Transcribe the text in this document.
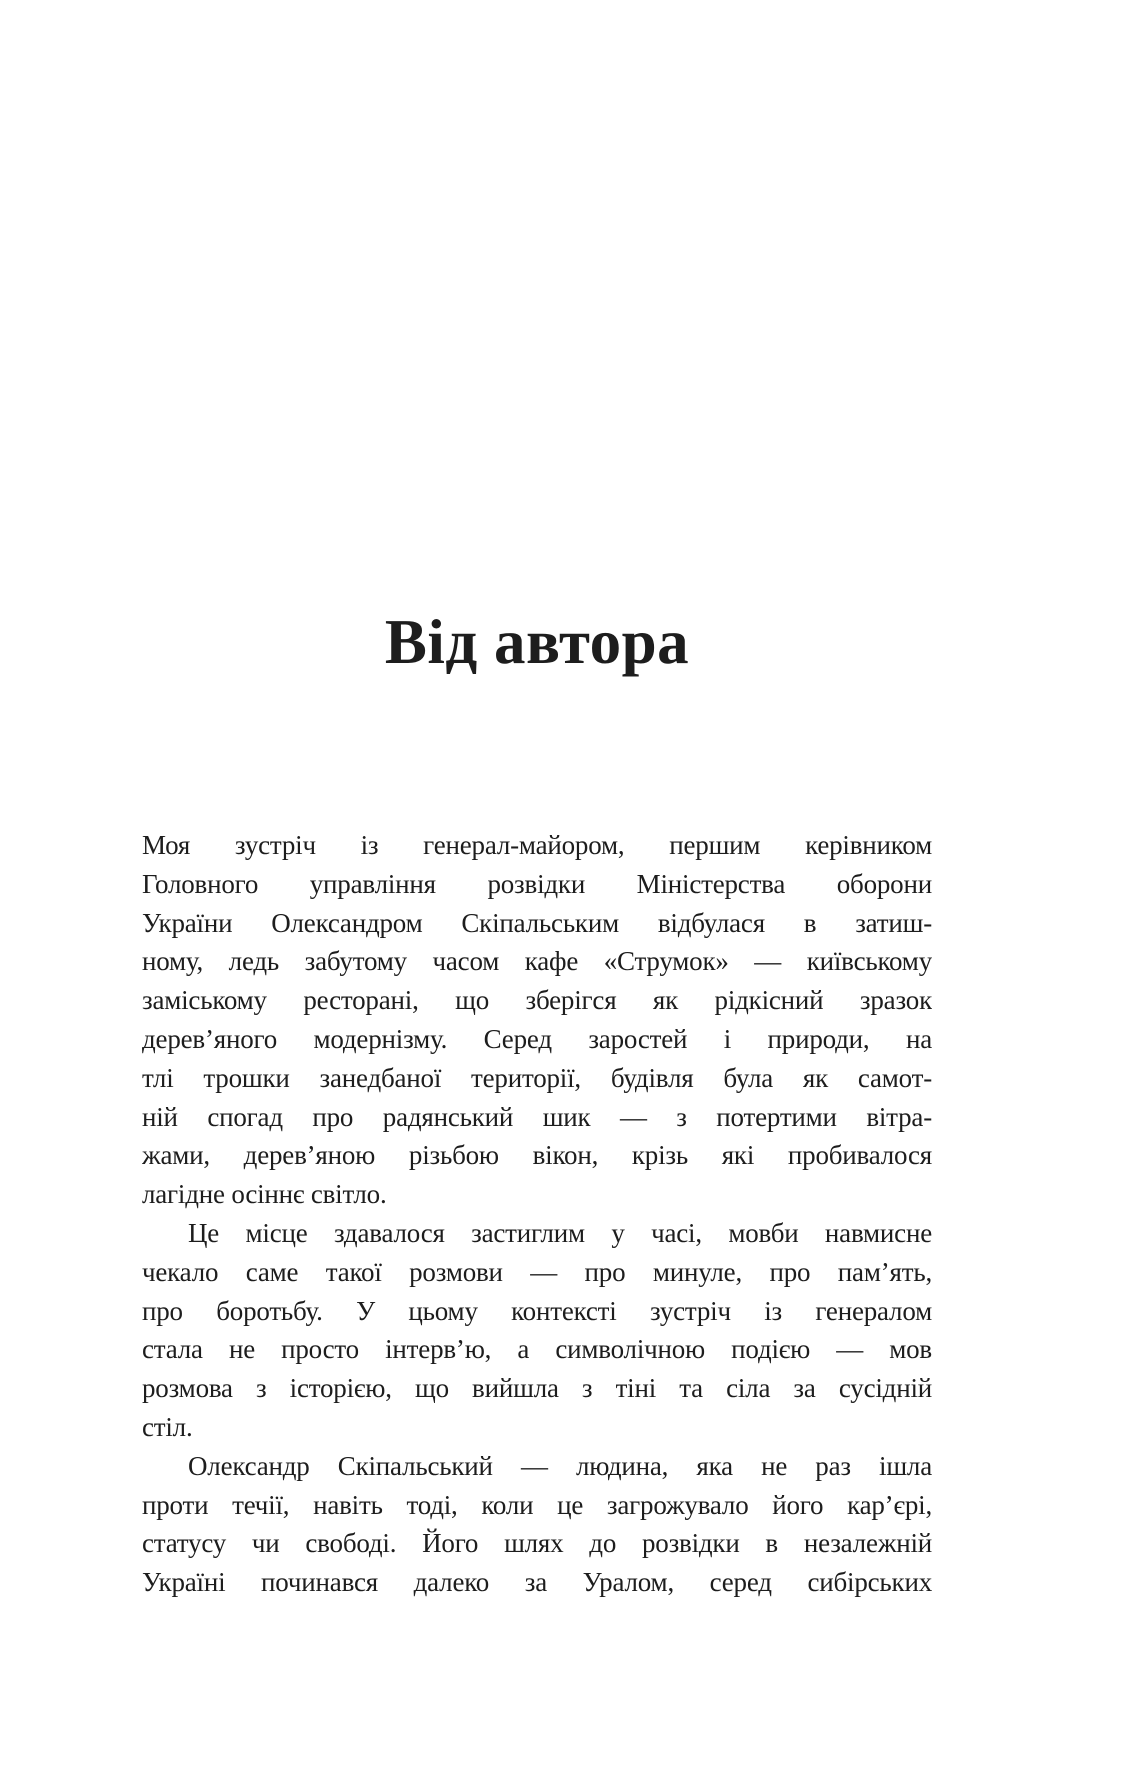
Від автора
Моя зустріч із генерал-майором, першим керівником
Головного управління розвідки Міністерства оборони
України Олександром Скіпальським відбулася в затиш-
ному, ледь забутому часом кафе «Струмок» — київському
заміському ресторані, що зберігся як рідкісний зразок
дерев’яного модернізму. Серед заростей і природи, на
тлі трошки занедбаної території, будівля була як самот-
ній спогад про радянський шик — з потертими вітра-
жами, дерев’яною різьбою вікон, крізь які пробивалося
лагідне осіннє світло.
Це місце здавалося застиглим у часі, мовби навмисне
чекало саме такої розмови — про минуле, про пам’ять,
про боротьбу. У цьому контексті зустріч із генералом
стала не просто інтерв’ю, а символічною подією — мов
розмова з історією, що вийшла з тіні та сіла за сусідній
стіл.
Олександр Скіпальський — людина, яка не раз ішла
проти течії, навіть тоді, коли це загрожувало його кар’єрі,
статусу чи свободі. Його шлях до розвідки в незалежній
Україні починався далеко за Уралом, серед сибірських
